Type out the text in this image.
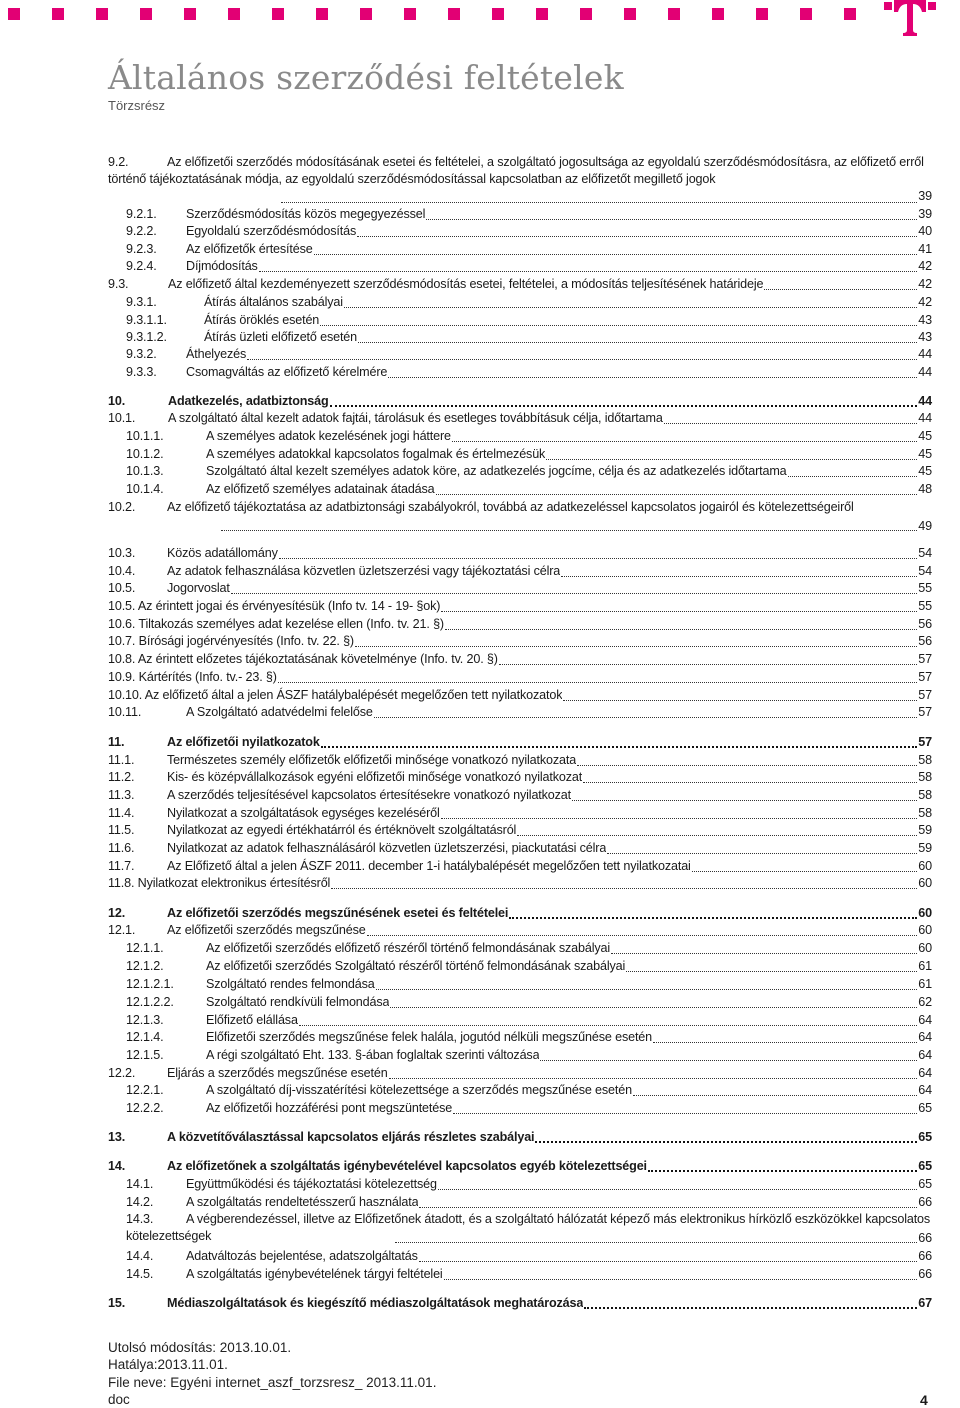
Általános szerződési feltételek
Törzsrész
9.2.	Az előfizetői szerződés módosításának esetei és feltételei, a szolgáltató jogosultsága az egyoldalú szerződésmódosításra, az előfizető erről történő tájékoztatásának módja, az egyoldalú szerződésmódosítással kapcsolatban az előfizetőt megillető jogok
39
9.2.1.	Szerződésmódosítás közös megegyezéssel	39
9.2.2.	Egyoldalú szerződésmódosítás	40
9.2.3.	Az előfizetők értesítése	41
9.2.4.	Díjmódosítás	42
9.3.	Az előfizető által kezdeményezett szerződésmódosítás esetei, feltételei, a módosítás teljesítésének határideje	42
9.3.1.	Átírás általános szabályai	42
9.3.1.1.	Átírás öröklés esetén	43
9.3.1.2.	Átírás üzleti előfizető esetén	43
9.3.2.	Áthelyezés	44
9.3.3.	Csomagváltás az előfizető kérelmére	44
10.	Adatkezelés, adatbiztonság	44
10.1.	A szolgáltató által kezelt adatok fajtái, tárolásuk és esetleges továbbításuk célja, időtartama	44
10.1.1.	A személyes adatok kezelésének jogi háttere	45
10.1.2.	A személyes adatokkal kapcsolatos fogalmak és értelmezésük	45
10.1.3.	Szolgáltató által kezelt személyes adatok köre, az adatkezelés jogcíme, célja és az adatkezelés időtartama	45
10.1.4.	Az előfizető személyes adatainak átadása	48
10.2.	Az előfizető tájékoztatása az adatbiztonsági szabályokról, továbbá az adatkezeléssel kapcsolatos jogairól és kötelezettségeiről
49
10.3.	Közös adatállomány	54
10.4.	Az adatok felhasználása közvetlen üzletszerzési vagy tájékoztatási célra	54
10.5.	Jogorvoslat	55
10.5. Az érintett jogai és érvényesítésük (Info tv. 14 - 19- §ok)	55
10.6. Tiltakozás személyes adat kezelése ellen (Info. tv. 21. §)	56
10.7. Bírósági jogérvényesítés (Info. tv. 22. §)	56
10.8. Az érintett előzetes tájékoztatásának követelménye (Info. tv. 20. §)	57
10.9. Kártérítés (Info. tv.- 23. §)	57
10.10. Az előfizető által a jelen ÁSZF hatálybalépését megelőzően tett nyilatkozatok	57
10.11.	A Szolgáltató adatvédelmi felelőse	57
11.	Az előfizetői nyilatkozatok	57
11.1.	Természetes személy előfizetők előfizetői minősége vonatkozó nyilatkozata	58
11.2.	Kis- és középvállalkozások egyéni előfizetői minősége vonatkozó nyilatkozat	58
11.3.	A szerződés teljesítésével kapcsolatos értesítésekre vonatkozó nyilatkozat	58
11.4.	Nyilatkozat a szolgáltatások egységes kezeléséről	58
11.5.	Nyilatkozat az egyedi értékhatárról és értéknövelt szolgáltatásról	59
11.6.	Nyilatkozat az adatok felhasználásáról közvetlen üzletszerzési, piackutatási célra	59
11.7.	Az Előfizető által a jelen ÁSZF 2011. december 1-i hatálybalépését megelőzően tett nyilatkozatai	60
11.8. Nyilatkozat elektronikus értesítésről	60
12.	Az előfizetői szerződés megszűnésének esetei és feltételei	60
12.1.	Az előfizetői szerződés megszűnése	60
12.1.1.	Az előfizetői szerződés előfizető részéről történő felmondásának szabályai	60
12.1.2.	Az előfizetői szerződés Szolgáltató részéről történő felmondásának szabályai	61
12.1.2.1.	Szolgáltató rendes felmondása	61
12.1.2.2.	Szolgáltató rendkívüli felmondása	62
12.1.3.	Előfizető elállása	64
12.1.4.	Előfizetői szerződés megszűnése felek halála, jogutód nélküli megszűnése esetén	64
12.1.5.	A régi szolgáltató Eht. 133. §-ában foglaltak szerinti változása	64
12.2.	Eljárás a szerződés megszűnése esetén	64
12.2.1.	A szolgáltató díj-visszatérítési kötelezettsége a szerződés megszűnése esetén	64
12.2.2.	Az előfizetői hozzáférési pont megszüntetése	65
13.	A közvetítőválasztással kapcsolatos eljárás részletes szabályai	65
14.	Az előfizetőnek a szolgáltatás igénybevételével kapcsolatos egyéb kötelezettségei	65
14.1.	Együttműködési és tájékoztatási kötelezettség	65
14.2.	A szolgáltatás rendeltetésszerű használata	66
14.3.	A végberendezéssel, illetve az Előfizetőnek átadott, és a szolgáltató hálózatát képező más elektronikus hírközlő eszközökkel kapcsolatos kötelezettségek	66
14.4.	Adatváltozás bejelentése, adatszolgáltatás	66
14.5.	A szolgáltatás igénybevételének tárgyi feltételei	66
15.	Médiaszolgáltatások és kiegészítő médiaszolgáltatások meghatározása	67
Utolsó módosítás: 2013.10.01.
Hatálya:2013.11.01.
File neve: Egyéni internet_aszf_torzsresz_ 2013.11.01.
doc	4
